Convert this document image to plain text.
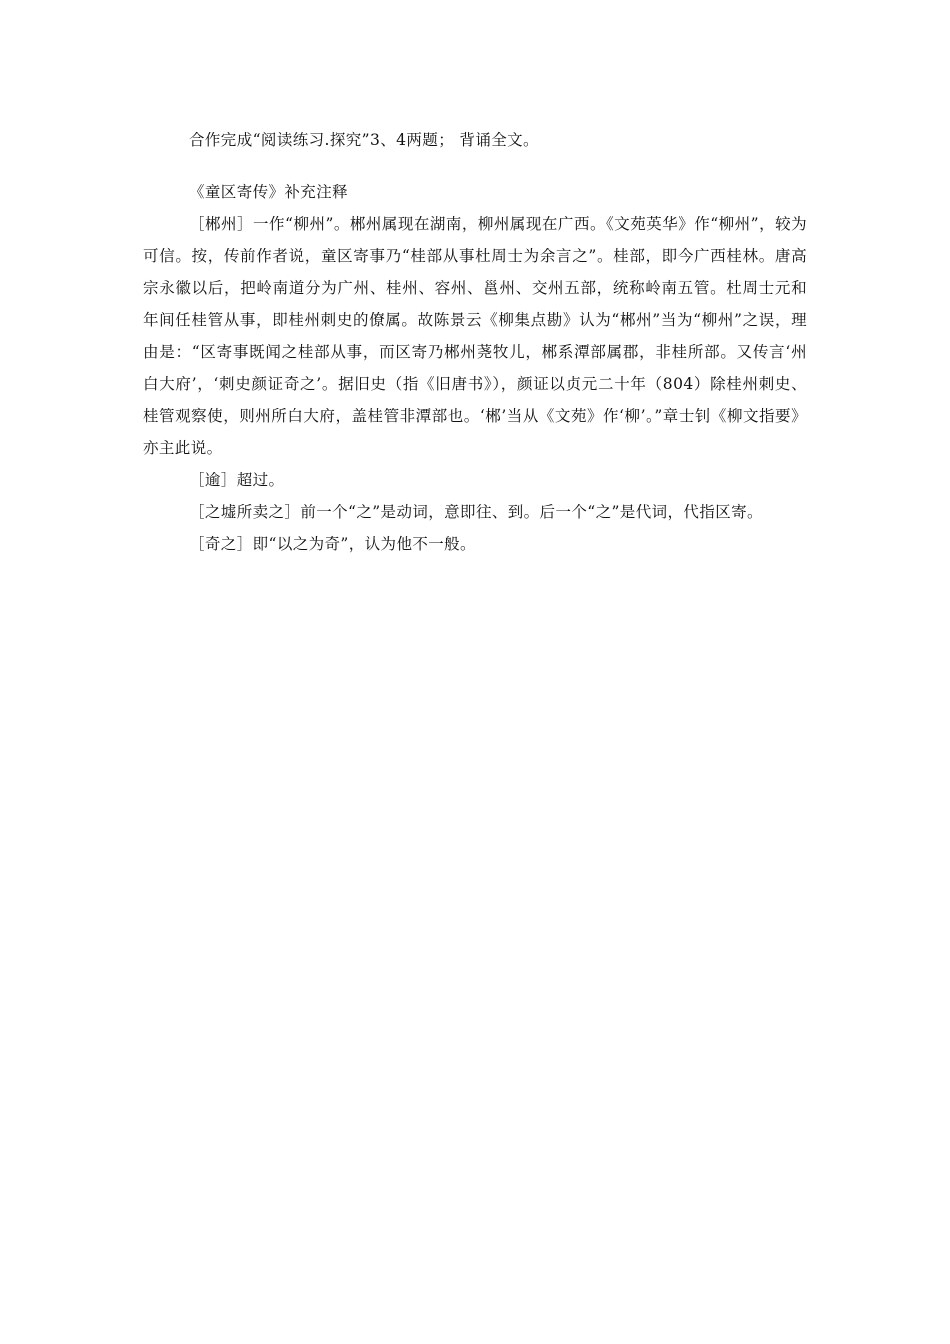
合作完成“阅读练习.探究”3、4两题； 背诵全文。

《童区寄传》补充注释

［郴州］一作“柳州”。郴州属现在湖南，柳州属现在广西。《文苑英华》作“柳州”，较为可信。按，传前作者说，童区寄事乃“桂部从事杜周士为余言之”。桂部，即今广西桂林。唐高宗永徽以后，把岭南道分为广州、桂州、容州、邕州、交州五部，统称岭南五管。杜周士元和年间任桂管从事，即桂州刺史的僚属。故陈景云《柳集点勘》认为“郴州”当为“柳州”之误，理由是：“区寄事既闻之桂部从事，而区寄乃郴州荛牧儿，郴系潭部属郡，非桂所部。又传言‘州白大府’，‘刺史颜证奇之’。据旧史（指《旧唐书》），颜证以贞元二十年（804）除桂州刺史、桂管观察使，则州所白大府，盖桂管非潭部也。‘郴’当从《文苑》作‘柳’。”章士钊《柳文指要》亦主此说。

［逾］超过。

［之墟所卖之］前一个“之”是动词，意即往、到。后一个“之”是代词，代指区寄。

［奇之］即“以之为奇”，认为他不一般。
